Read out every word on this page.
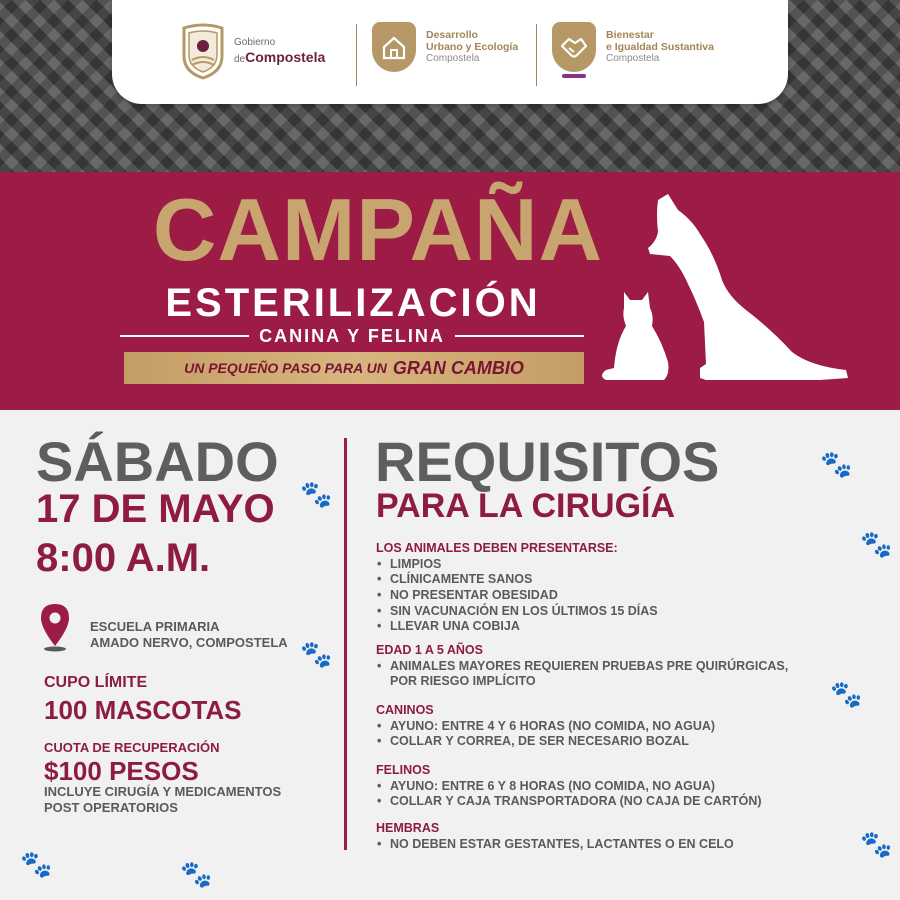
Gobierno
deCompostela
Desarrollo
Urbano y Ecología
Compostela
Bienestar
e Igualdad Sustantiva
Compostela
CAMPAÑA
ESTERILIZACIÓN
CANINA Y FELINA
UN PEQUEÑO PASO PARA UN GRAN CAMBIO
🐾
🐾
🐾
🐾
🐾
🐾	🐾
🐾
SÁBADO
17 DE MAYO
8:00 A.M.
ESCUELA PRIMARIA
AMADO NERVO, COMPOSTELA
CUPO LÍMITE
100 MASCOTAS
CUOTA DE RECUPERACIÓN
$100 PESOS
INCLUYE CIRUGÍA Y MEDICAMENTOS
POST OPERATORIOS
REQUISITOS
PARA LA CIRUGÍA
LOS ANIMALES DEBEN PRESENTARSE:
• LIMPIOS
• CLÍNICAMENTE SANOS
• NO PRESENTAR OBESIDAD
• SIN VACUNACIÓN EN LOS ÚLTIMOS 15 DÍAS
• LLEVAR UNA COBIJA
EDAD 1 A 5 AÑOS
• ANIMALES MAYORES REQUIEREN PRUEBAS PRE QUIRÚRGICAS,
POR RIESGO IMPLÍCITO
CANINOS
• AYUNO: ENTRE 4 Y 6 HORAS (NO COMIDA, NO AGUA)
• COLLAR Y CORREA, DE SER NECESARIO BOZAL
FELINOS
• AYUNO: ENTRE 6 Y 8 HORAS (NO COMIDA, NO AGUA)
• COLLAR Y CAJA TRANSPORTADORA (NO CAJA DE CARTÓN)
HEMBRAS
• NO DEBEN ESTAR GESTANTES, LACTANTES O EN CELO
